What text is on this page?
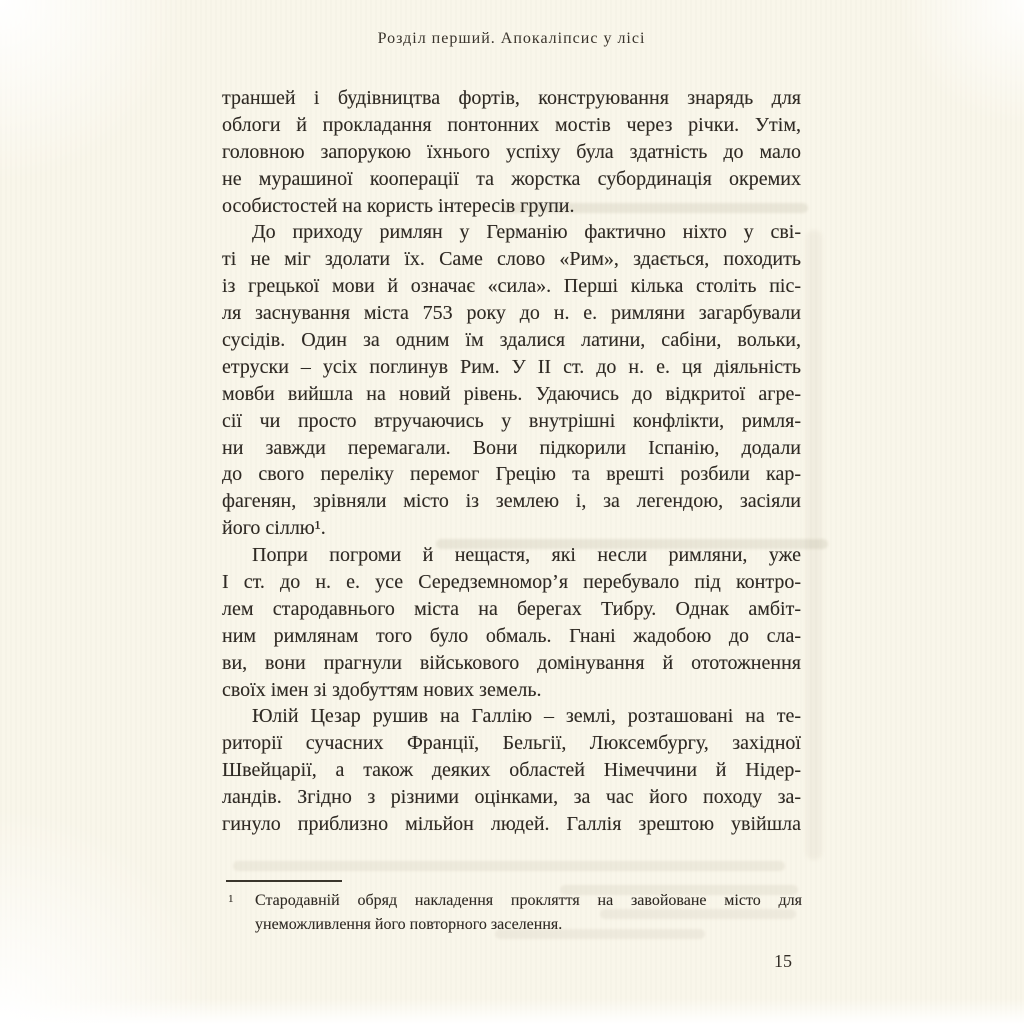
Розділ перший. Апокаліпсис у лісі
траншей і будівництва фортів, конструювання знарядь для
облоги й прокладання понтонних мостів через річки. Утім,
головною запорукою їхнього успіху була здатність до мало
не мурашиної кооперації та жорстка субординація окремих
особистостей на користь інтересів групи.
До приходу римлян у Германію фактично ніхто у сві-
ті не міг здолати їх. Саме слово «Рим», здається, походить
із грецької мови й означає «сила». Перші кілька століть піс-
ля заснування міста 753 року до н. е. римляни загарбували
сусідів. Один за одним їм здалися латини, сабіни, вольки,
етруски – усіх поглинув Рим. У ІІ ст. до н. е. ця діяльність
мовби вийшла на новий рівень. Удаючись до відкритої агре-
сії чи просто втручаючись у внутрішні конфлікти, римля-
ни завжди перемагали. Вони підкорили Іспанію, додали
до свого переліку перемог Грецію та врешті розбили кар-
фагенян, зрівняли місто із землею і, за легендою, засіяли
його сіллю¹.
Попри погроми й нещастя, які несли римляни, уже
І ст. до н. е. усе Середземномор’я перебувало під контро-
лем стародавнього міста на берегах Тибру. Однак амбіт-
ним римлянам того було обмаль. Гнані жадобою до сла-
ви, вони прагнули військового домінування й ототожнення
своїх імен зі здобуттям нових земель.
Юлій Цезар рушив на Галлію – землі, розташовані на те-
риторії сучасних Франції, Бельгії, Люксембургу, західної
Швейцарії, а також деяких областей Німеччини й Нідер-
ландів. Згідно з різними оцінками, за час його походу за-
гинуло приблизно мільйон людей. Галлія зрештою увійшла
1 Стародавній обряд накладення прокляття на завойоване місто для
унеможливлення його повторного заселення.
15
